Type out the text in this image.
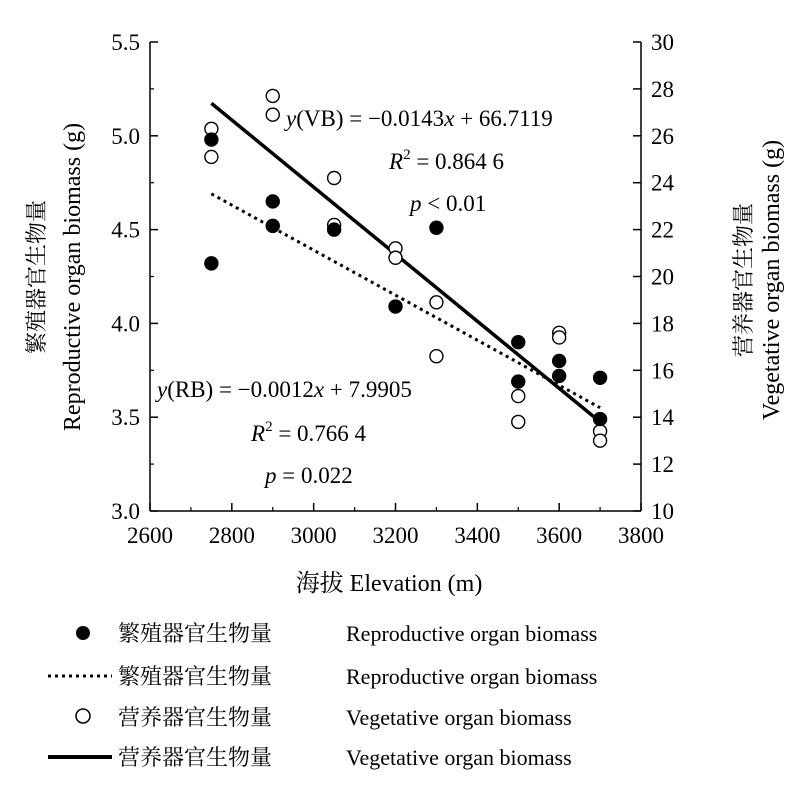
2600 2800 3000 3200 3400 3600 3800
3.0
3.5
4.0
4.5
5.0
5.5
10
12
14
16
18
20
22
24
26
28
30
y(VB) = −0.0143x + 66.7119
$R^2 = 0.864$ 6
p < 0.01
y(RB) = −0.0012x + 7.9905
$R^2 = 0.766$ 4
p = 0.022
海拔 Elevation (m)
繁殖器官生物量 Reproductive organ biomass (g)	营养器官生物量 Vegetative organ biomass (g)
繁殖器官生物量	Reproductive organ biomass
繁殖器官生物量	Reproductive organ biomass
营养器官生物量	Vegetative organ biomass
营养器官生物量	Vegetative organ biomass
